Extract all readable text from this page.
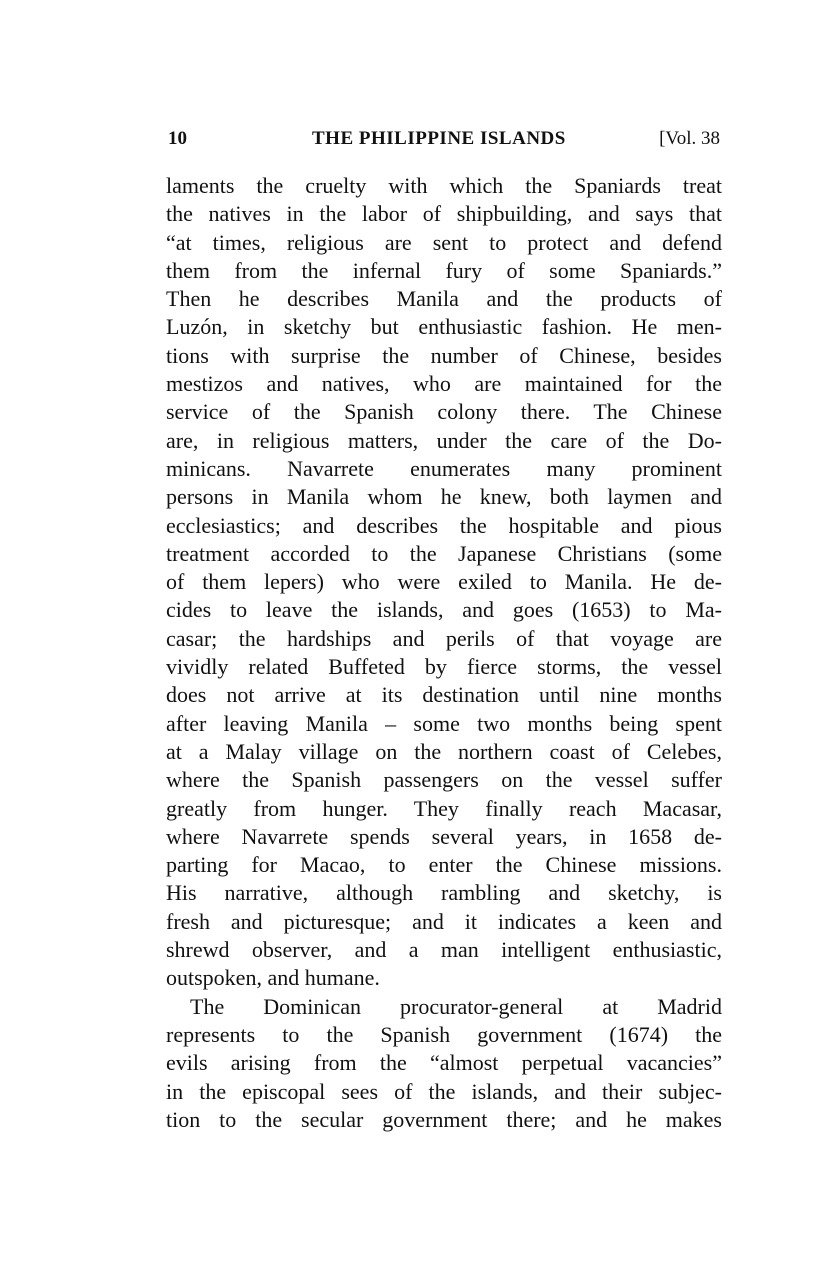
10	THE PHILIPPINE ISLANDS	[Vol. 38
laments the cruelty with which the Spaniards treat
the natives in the labor of shipbuilding, and says that
“at times, religious are sent to protect and defend
them from the infernal fury of some Spaniards.”
Then he describes Manila and the products of
Luzón, in sketchy but enthusiastic fashion. He men-
tions with surprise the number of Chinese, besides
mestizos and natives, who are maintained for the
service of the Spanish colony there. The Chinese
are, in religious matters, under the care of the Do-
minicans. Navarrete enumerates many prominent
persons in Manila whom he knew, both laymen and
ecclesiastics; and describes the hospitable and pious
treatment accorded to the Japanese Christians (some
of them lepers) who were exiled to Manila. He de-
cides to leave the islands, and goes (1653) to Ma-
casar; the hardships and perils of that voyage are
vividly related Buffeted by fierce storms, the vessel
does not arrive at its destination until nine months
after leaving Manila – some two months being spent
at a Malay village on the northern coast of Celebes,
where the Spanish passengers on the vessel suffer
greatly from hunger. They finally reach Macasar,
where Navarrete spends several years, in 1658 de-
parting for Macao, to enter the Chinese missions.
His narrative, although rambling and sketchy, is
fresh and picturesque; and it indicates a keen and
shrewd observer, and a man intelligent enthusiastic,
outspoken, and humane.
The Dominican procurator-general at Madrid
represents to the Spanish government (1674) the
evils arising from the “almost perpetual vacancies”
in the episcopal sees of the islands, and their subjec-
tion to the secular government there; and he makes
